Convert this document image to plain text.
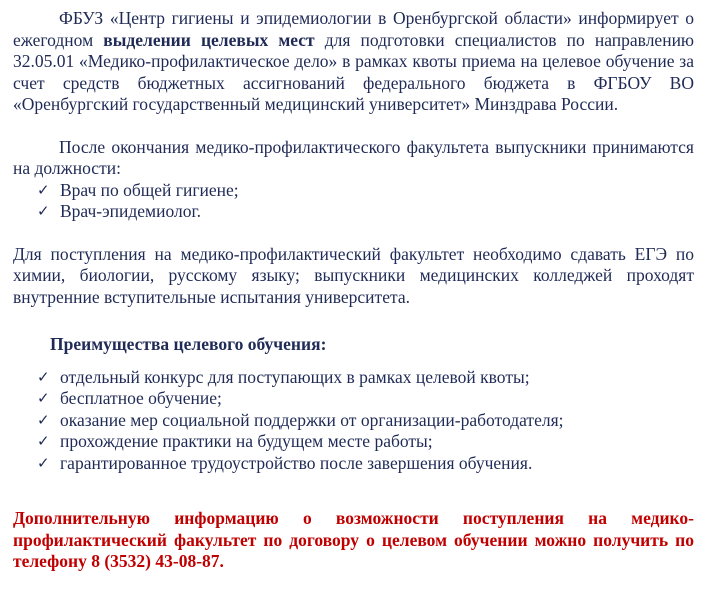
ФБУЗ «Центр гигиены и эпидемиологии в Оренбургской области» информирует о ежегодном выделении целевых мест для подготовки специалистов по направлению 32.05.01 «Медико-профилактическое дело» в рамках квоты приема на целевое обучение за счет средств бюджетных ассигнований федерального бюджета в ФГБОУ ВО «Оренбургский государственный медицинский университет» Минздрава России.

После окончания медико-профилактического факультета выпускники принимаются на должности:

✓ Врач по общей гигиене;
✓ Врач-эпидемиолог.

Для поступления на медико-профилактический факультет необходимо сдавать ЕГЭ по химии, биологии, русскому языку; выпускники медицинских колледжей проходят внутренние вступительные испытания университета.

Преимущества целевого обучения:

✓ отдельный конкурс для поступающих в рамках целевой квоты;
✓ бесплатное обучение;
✓ оказание мер социальной поддержки от организации-работодателя;
✓ прохождение практики на будущем месте работы;
✓ гарантированное трудоустройство после завершения обучения.

Дополнительную информацию о возможности поступления на медико-профилактический факультет по договору о целевом обучении можно получить по телефону 8 (3532) 43-08-87.
